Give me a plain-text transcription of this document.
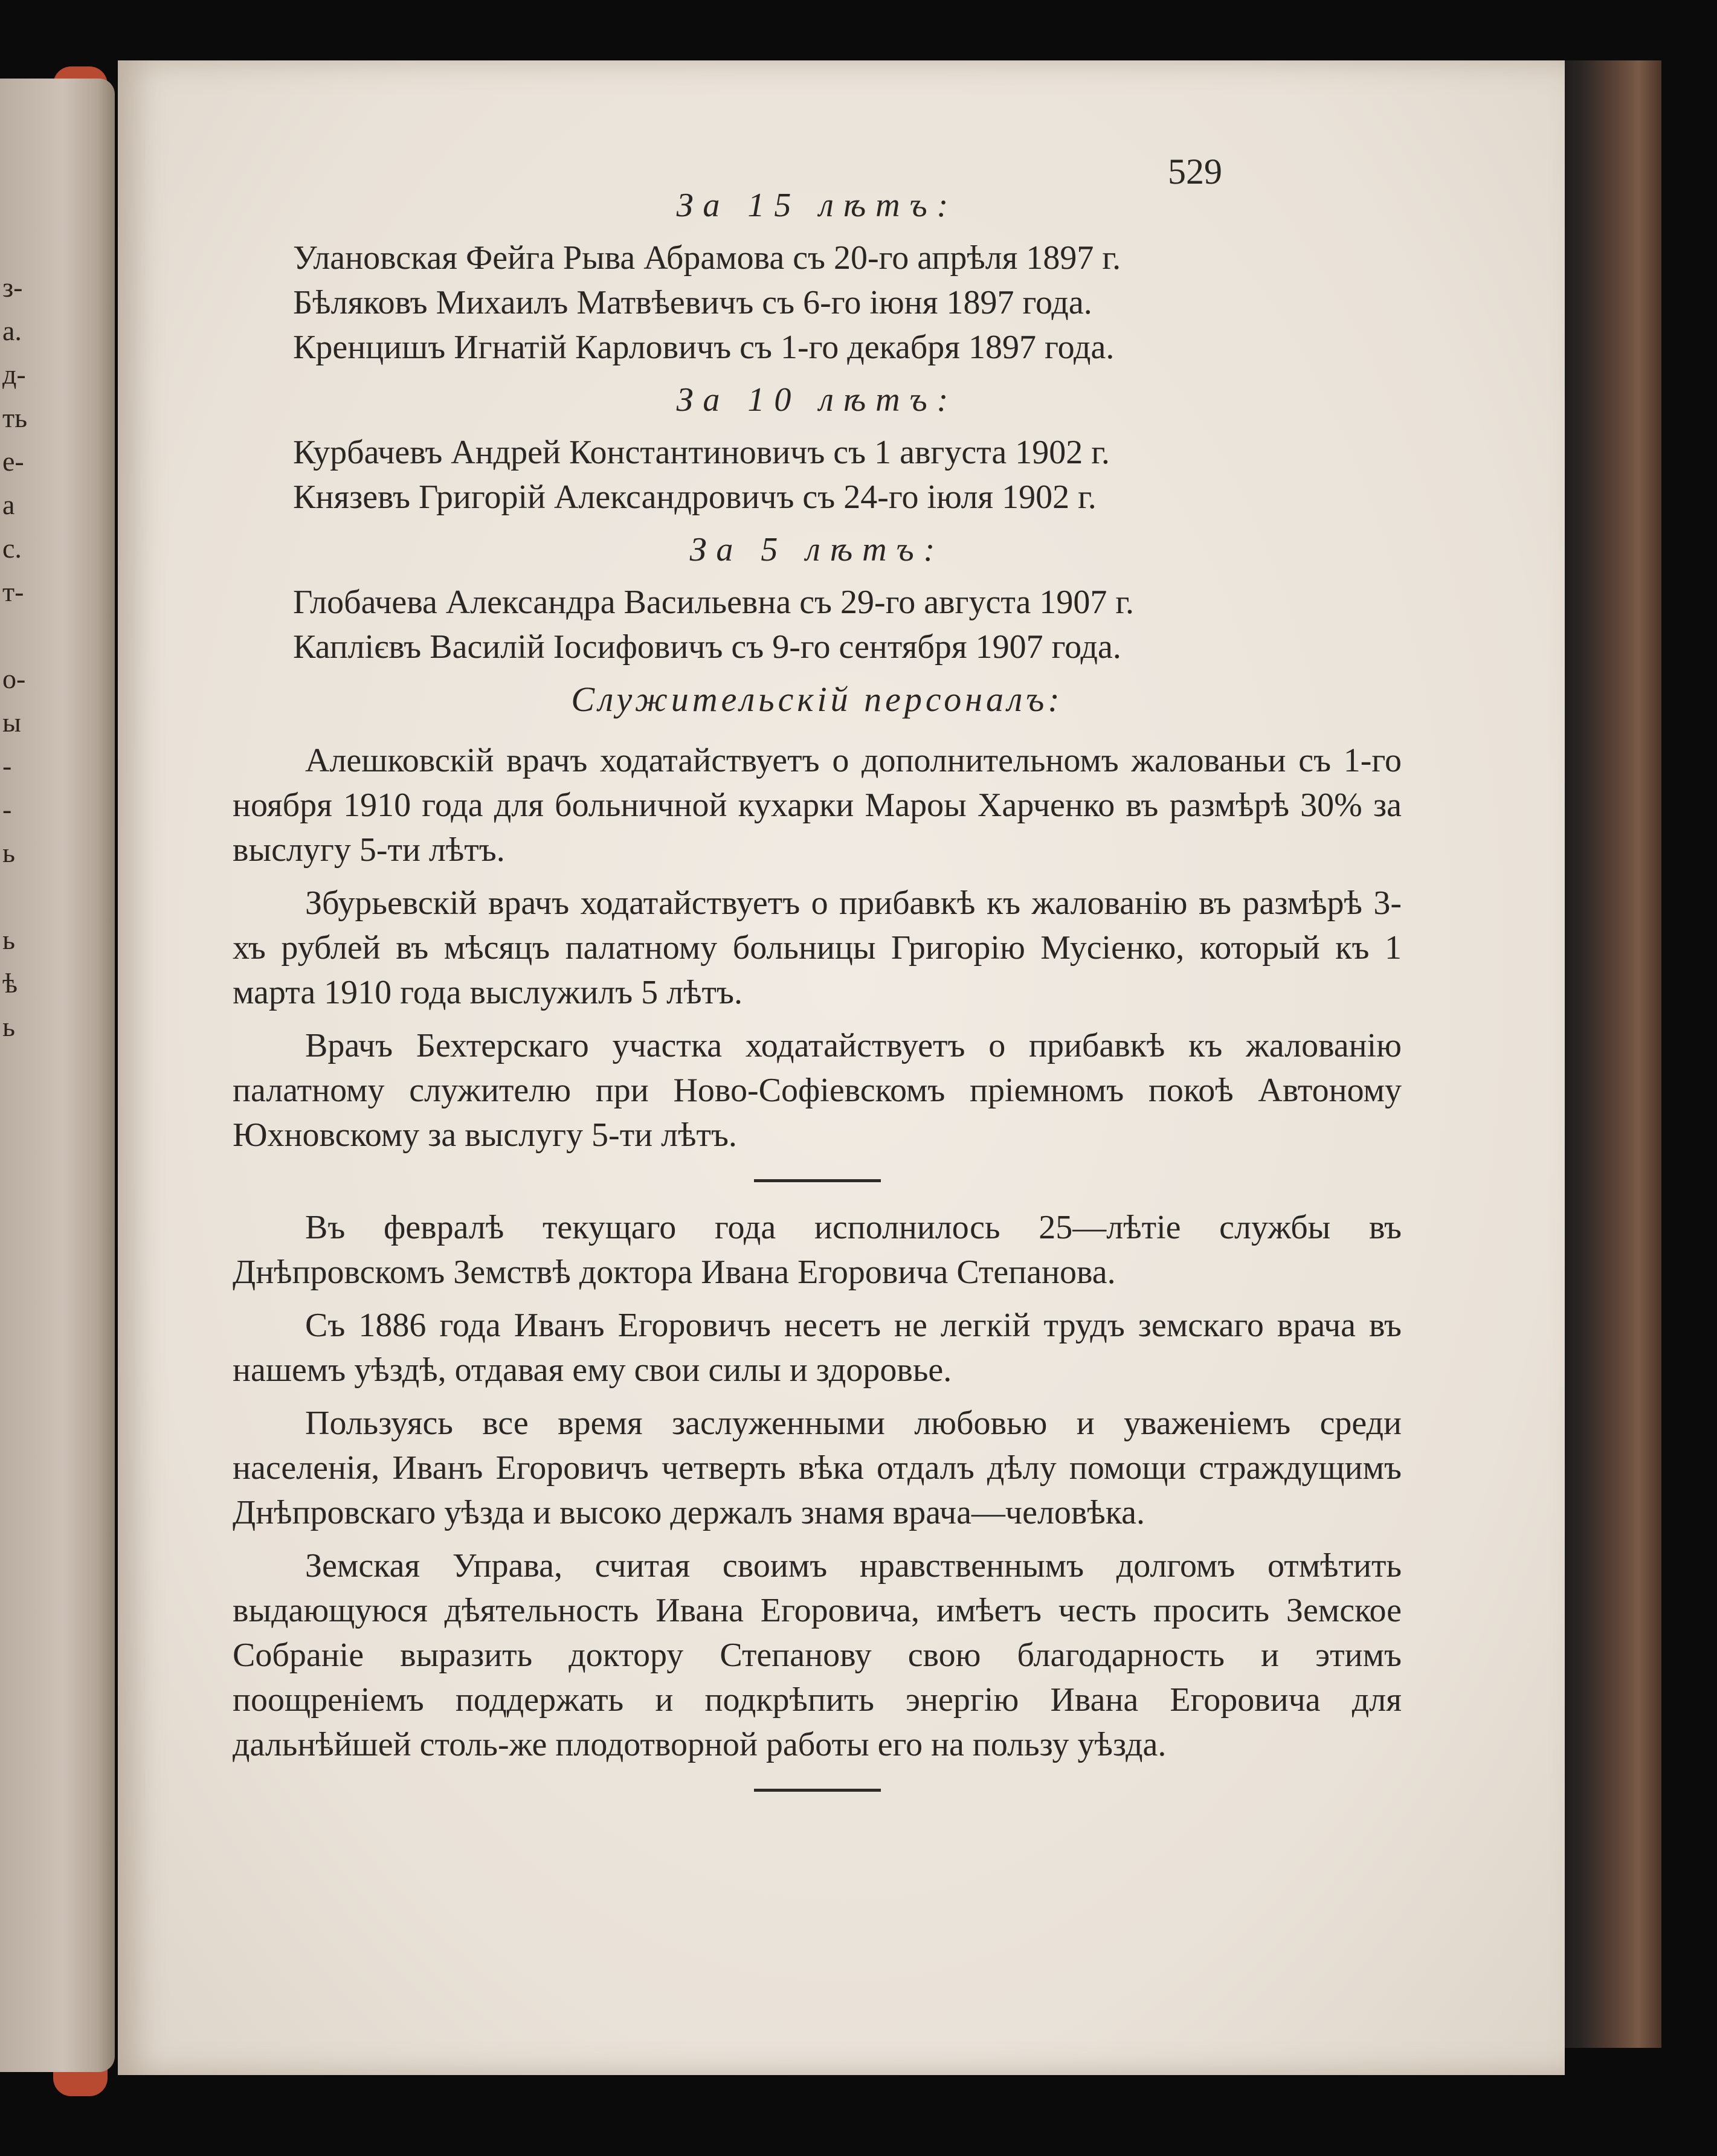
з-
а.
д-
ть
е-
а
с.
т-
о-
ы
-
-
ь
ь
ѣ
ь
529
За 15 лѣтъ:
Улановская Фейга Рыва Абрамова съ 20-го апрѣля 1897 г.
Бѣляковъ Михаилъ Матвѣевичъ съ 6-го іюня 1897 года.
Кренцишъ Игнатій Карловичъ съ 1-го декабря 1897 года.
За 10 лѣтъ:
Курбачевъ Андрей Константиновичъ съ 1 августа 1902 г.
Князевъ Григорій Александровичъ съ 24-го іюля 1902 г.
За 5 лѣтъ:
Глобачева Александра Васильевна съ 29-го августа 1907 г.
Каплієвъ Василій Іосифовичъ съ 9-го сентября 1907 года.
Служительскій персоналъ:

Алешковскій врачъ ходатайствуетъ о дополнительномъ жалованьи съ 1-го ноября 1910 года для больничной кухарки Мароы Харченко въ размѣрѣ 30% за выслугу 5-ти лѣтъ.

Збурьевскій врачъ ходатайствуетъ о прибавкѣ къ жалованію въ размѣрѣ 3-хъ рублей въ мѣсяцъ палатному больницы Григорію Мусіенко, который къ 1 марта 1910 года выслужилъ 5 лѣтъ.

Врачъ Бехтерскаго участка ходатайствуетъ о прибавкѣ къ жалованію палатному служителю при Ново-Софіевскомъ пріемномъ покоѣ Автоному Юхновскому за выслугу 5-ти лѣтъ.

Въ февралѣ текущаго года исполнилось 25—лѣтіе службы въ Днѣпровскомъ Земствѣ доктора Ивана Егоровича Степанова.

Съ 1886 года Иванъ Егоровичъ несетъ не легкій трудъ земскаго врача въ нашемъ уѣздѣ, отдавая ему свои силы и здоровье.

Пользуясь все время заслуженными любовью и уваженіемъ среди населенія, Иванъ Егоровичъ четверть вѣка отдалъ дѣлу помощи страждущимъ Днѣпровскаго уѣзда и высоко держалъ знамя врача—человѣка.

Земская Управа, считая своимъ нравственнымъ долгомъ отмѣтить выдающуюся дѣятельность Ивана Егоровича, имѣетъ честь просить Земское Собраніе выразить доктору Степанову свою благодарность и этимъ поощреніемъ поддержать и подкрѣпить энергію Ивана Егоровича для дальнѣйшей столь-же плодотворной работы его на пользу уѣзда.
